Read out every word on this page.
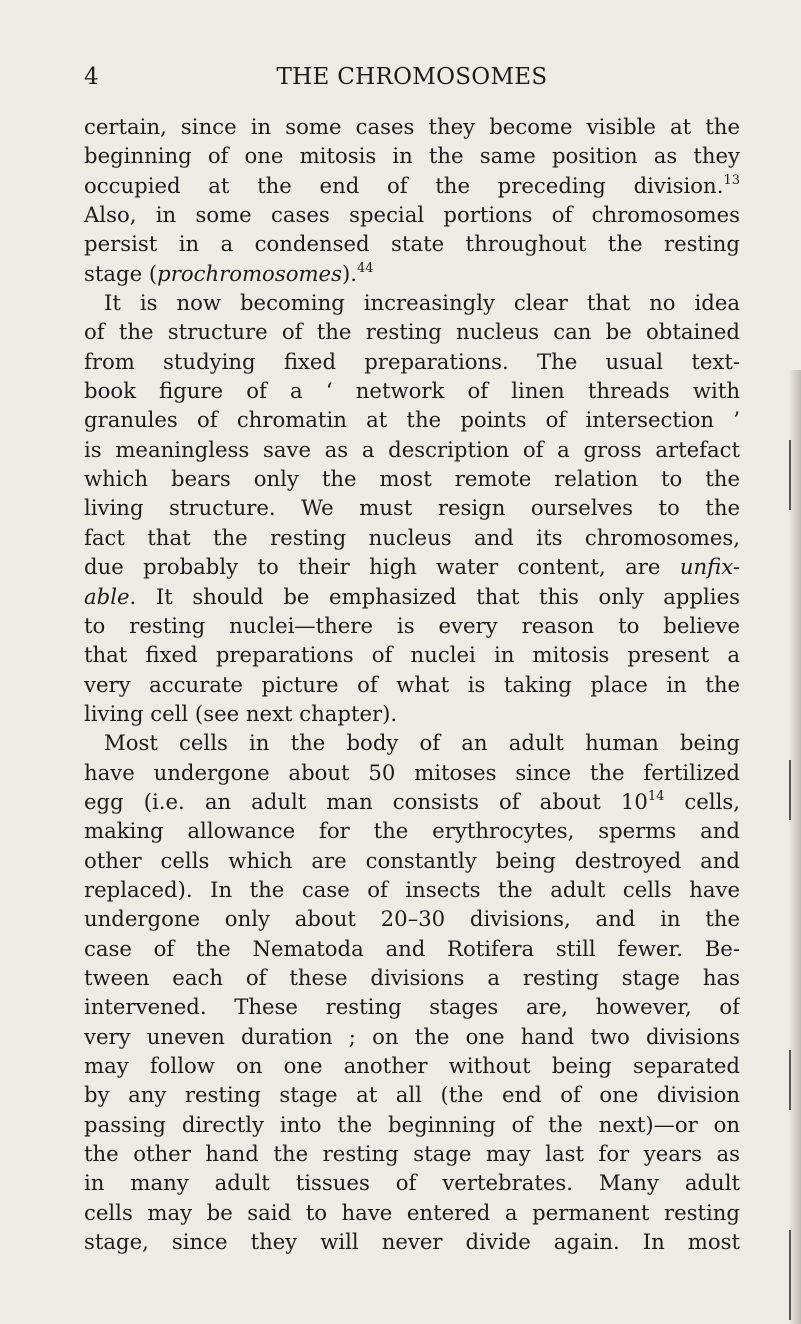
4	THE CHROMOSOMES
certain, since in some cases they become visible at the
beginning of one mitosis in the same position as they
occupied at the end of the preceding division.$^{13}$
Also, in some cases special portions of chromosomes
persist in a condensed state throughout the resting
stage (prochromosomes).$^{44}$
It is now becoming increasingly clear that no idea
of the structure of the resting nucleus can be obtained
from studying fixed preparations. The usual text-
book figure of a ‘ network of linen threads with
granules of chromatin at the points of intersection ’
is meaningless save as a description of a gross artefact
which bears only the most remote relation to the
living structure. We must resign ourselves to the
fact that the resting nucleus and its chromosomes,
due probably to their high water content, are unfix-
able. It should be emphasized that this only applies
to resting nuclei—there is every reason to believe
that fixed preparations of nuclei in mitosis present a
very accurate picture of what is taking place in the
living cell (see next chapter).
Most cells in the body of an adult human being
have undergone about 50 mitoses since the fertilized
egg (i.e. an adult man consists of about $10^{14}$ cells,
making allowance for the erythrocytes, sperms and
other cells which are constantly being destroyed and
replaced). In the case of insects the adult cells have
undergone only about 20–30 divisions, and in the
case of the Nematoda and Rotifera still fewer. Be-
tween each of these divisions a resting stage has
intervened. These resting stages are, however, of
very uneven duration ; on the one hand two divisions
may follow on one another without being separated
by any resting stage at all (the end of one division
passing directly into the beginning of the next)—or on
the other hand the resting stage may last for years as
in many adult tissues of vertebrates. Many adult
cells may be said to have entered a permanent resting
stage, since they will never divide again. In most
